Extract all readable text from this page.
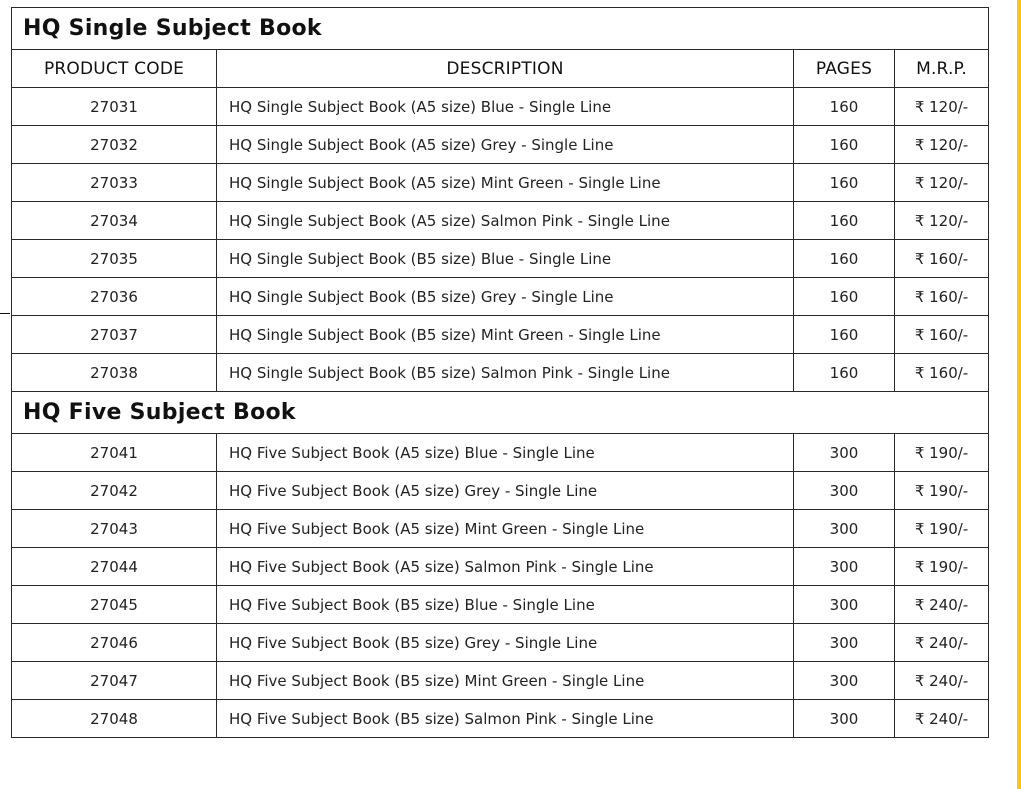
HQ Single Subject Book			
PRODUCT CODE	DESCRIPTION	PAGES	M.R.P.
27031	HQ Single Subject Book (A5 size) Blue - Single Line	160	₹ 120/-
27032	HQ Single Subject Book (A5 size) Grey - Single Line	160	₹ 120/-
27033	HQ Single Subject Book (A5 size) Mint Green - Single Line	160	₹ 120/-
27034	HQ Single Subject Book (A5 size) Salmon Pink - Single Line	160	₹ 120/-
27035	HQ Single Subject Book (B5 size) Blue - Single Line	160	₹ 160/-
27036	HQ Single Subject Book (B5 size) Grey - Single Line	160	₹ 160/-
27037	HQ Single Subject Book (B5 size) Mint Green - Single Line	160	₹ 160/-
27038	HQ Single Subject Book (B5 size) Salmon Pink - Single Line	160	₹ 160/-
HQ Five Subject Book			
27041	HQ Five Subject Book (A5 size) Blue - Single Line	300	₹ 190/-
27042	HQ Five Subject Book (A5 size) Grey - Single Line	300	₹ 190/-
27043	HQ Five Subject Book (A5 size) Mint Green - Single Line	300	₹ 190/-
27044	HQ Five Subject Book (A5 size) Salmon Pink - Single Line	300	₹ 190/-
27045	HQ Five Subject Book (B5 size) Blue - Single Line	300	₹ 240/-
27046	HQ Five Subject Book (B5 size) Grey - Single Line	300	₹ 240/-
27047	HQ Five Subject Book (B5 size) Mint Green - Single Line	300	₹ 240/-
27048	HQ Five Subject Book (B5 size) Salmon Pink - Single Line	300	₹ 240/-
